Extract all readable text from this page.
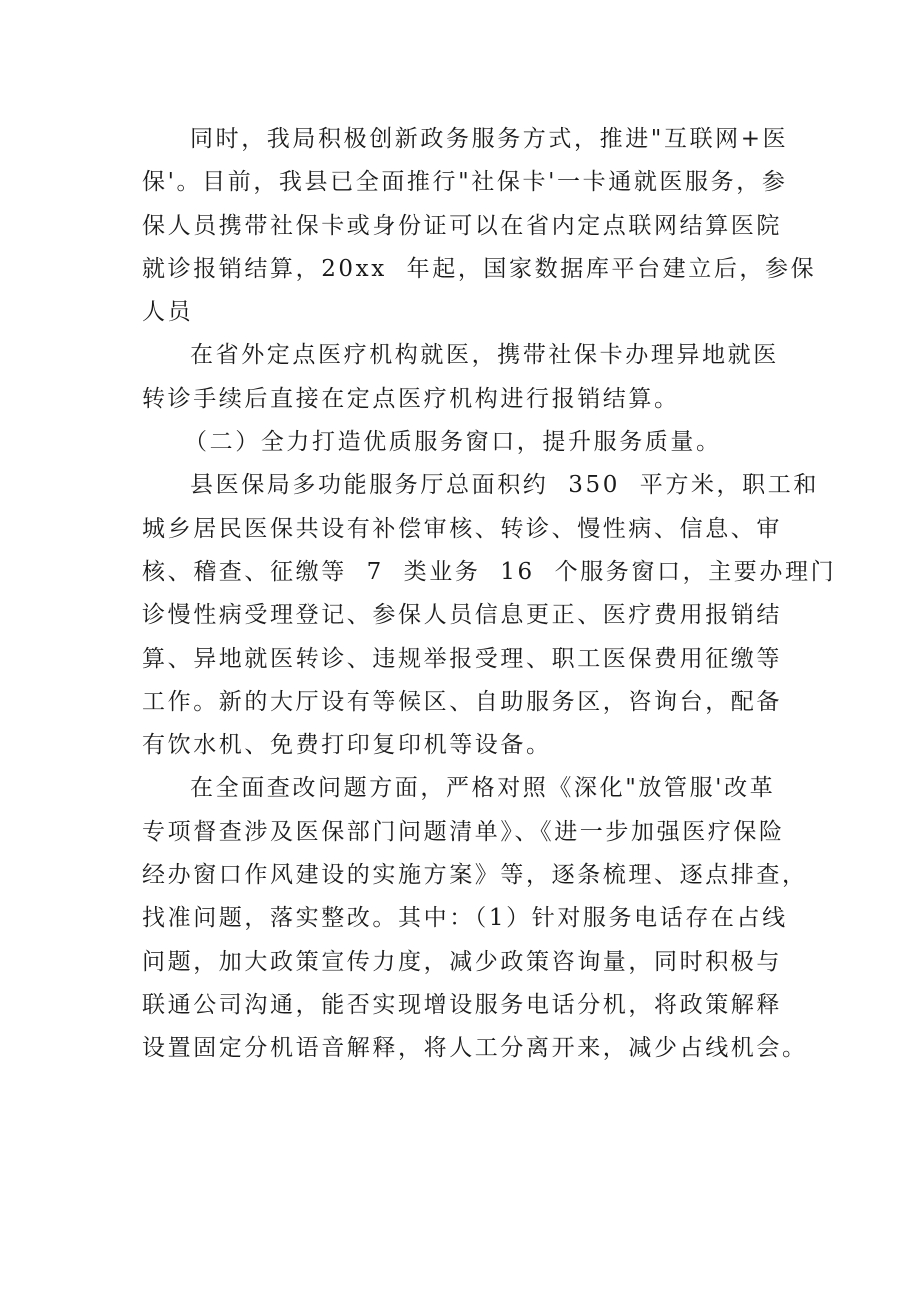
同时，我局积极创新政务服务方式，推进"互联网+医
保'。目前，我县已全面推行"社保卡'一卡通就医服务，参
保人员携带社保卡或身份证可以在省内定点联网结算医院
就诊报销结算，20xx  年起，国家数据库平台建立后，参保
人员
在省外定点医疗机构就医，携带社保卡办理异地就医
转诊手续后直接在定点医疗机构进行报销结算。
（二）全力打造优质服务窗口，提升服务质量。
县医保局多功能服务厅总面积约  350  平方米，职工和
城乡居民医保共设有补偿审核、转诊、慢性病、信息、审
核、稽查、征缴等  7  类业务  16  个服务窗口，主要办理门
诊慢性病受理登记、参保人员信息更正、医疗费用报销结
算、异地就医转诊、违规举报受理、职工医保费用征缴等
工作。新的大厅设有等候区、自助服务区，咨询台，配备
有饮水机、免费打印复印机等设备。
在全面查改问题方面，严格对照《深化"放管服'改革
专项督查涉及医保部门问题清单》、《进一步加强医疗保险
经办窗口作风建设的实施方案》等，逐条梳理、逐点排查，
找准问题，落实整改。其中：（1）针对服务电话存在占线
问题，加大政策宣传力度，减少政策咨询量，同时积极与
联通公司沟通，能否实现增设服务电话分机，将政策解释
设置固定分机语音解释，将人工分离开来，减少占线机会。
